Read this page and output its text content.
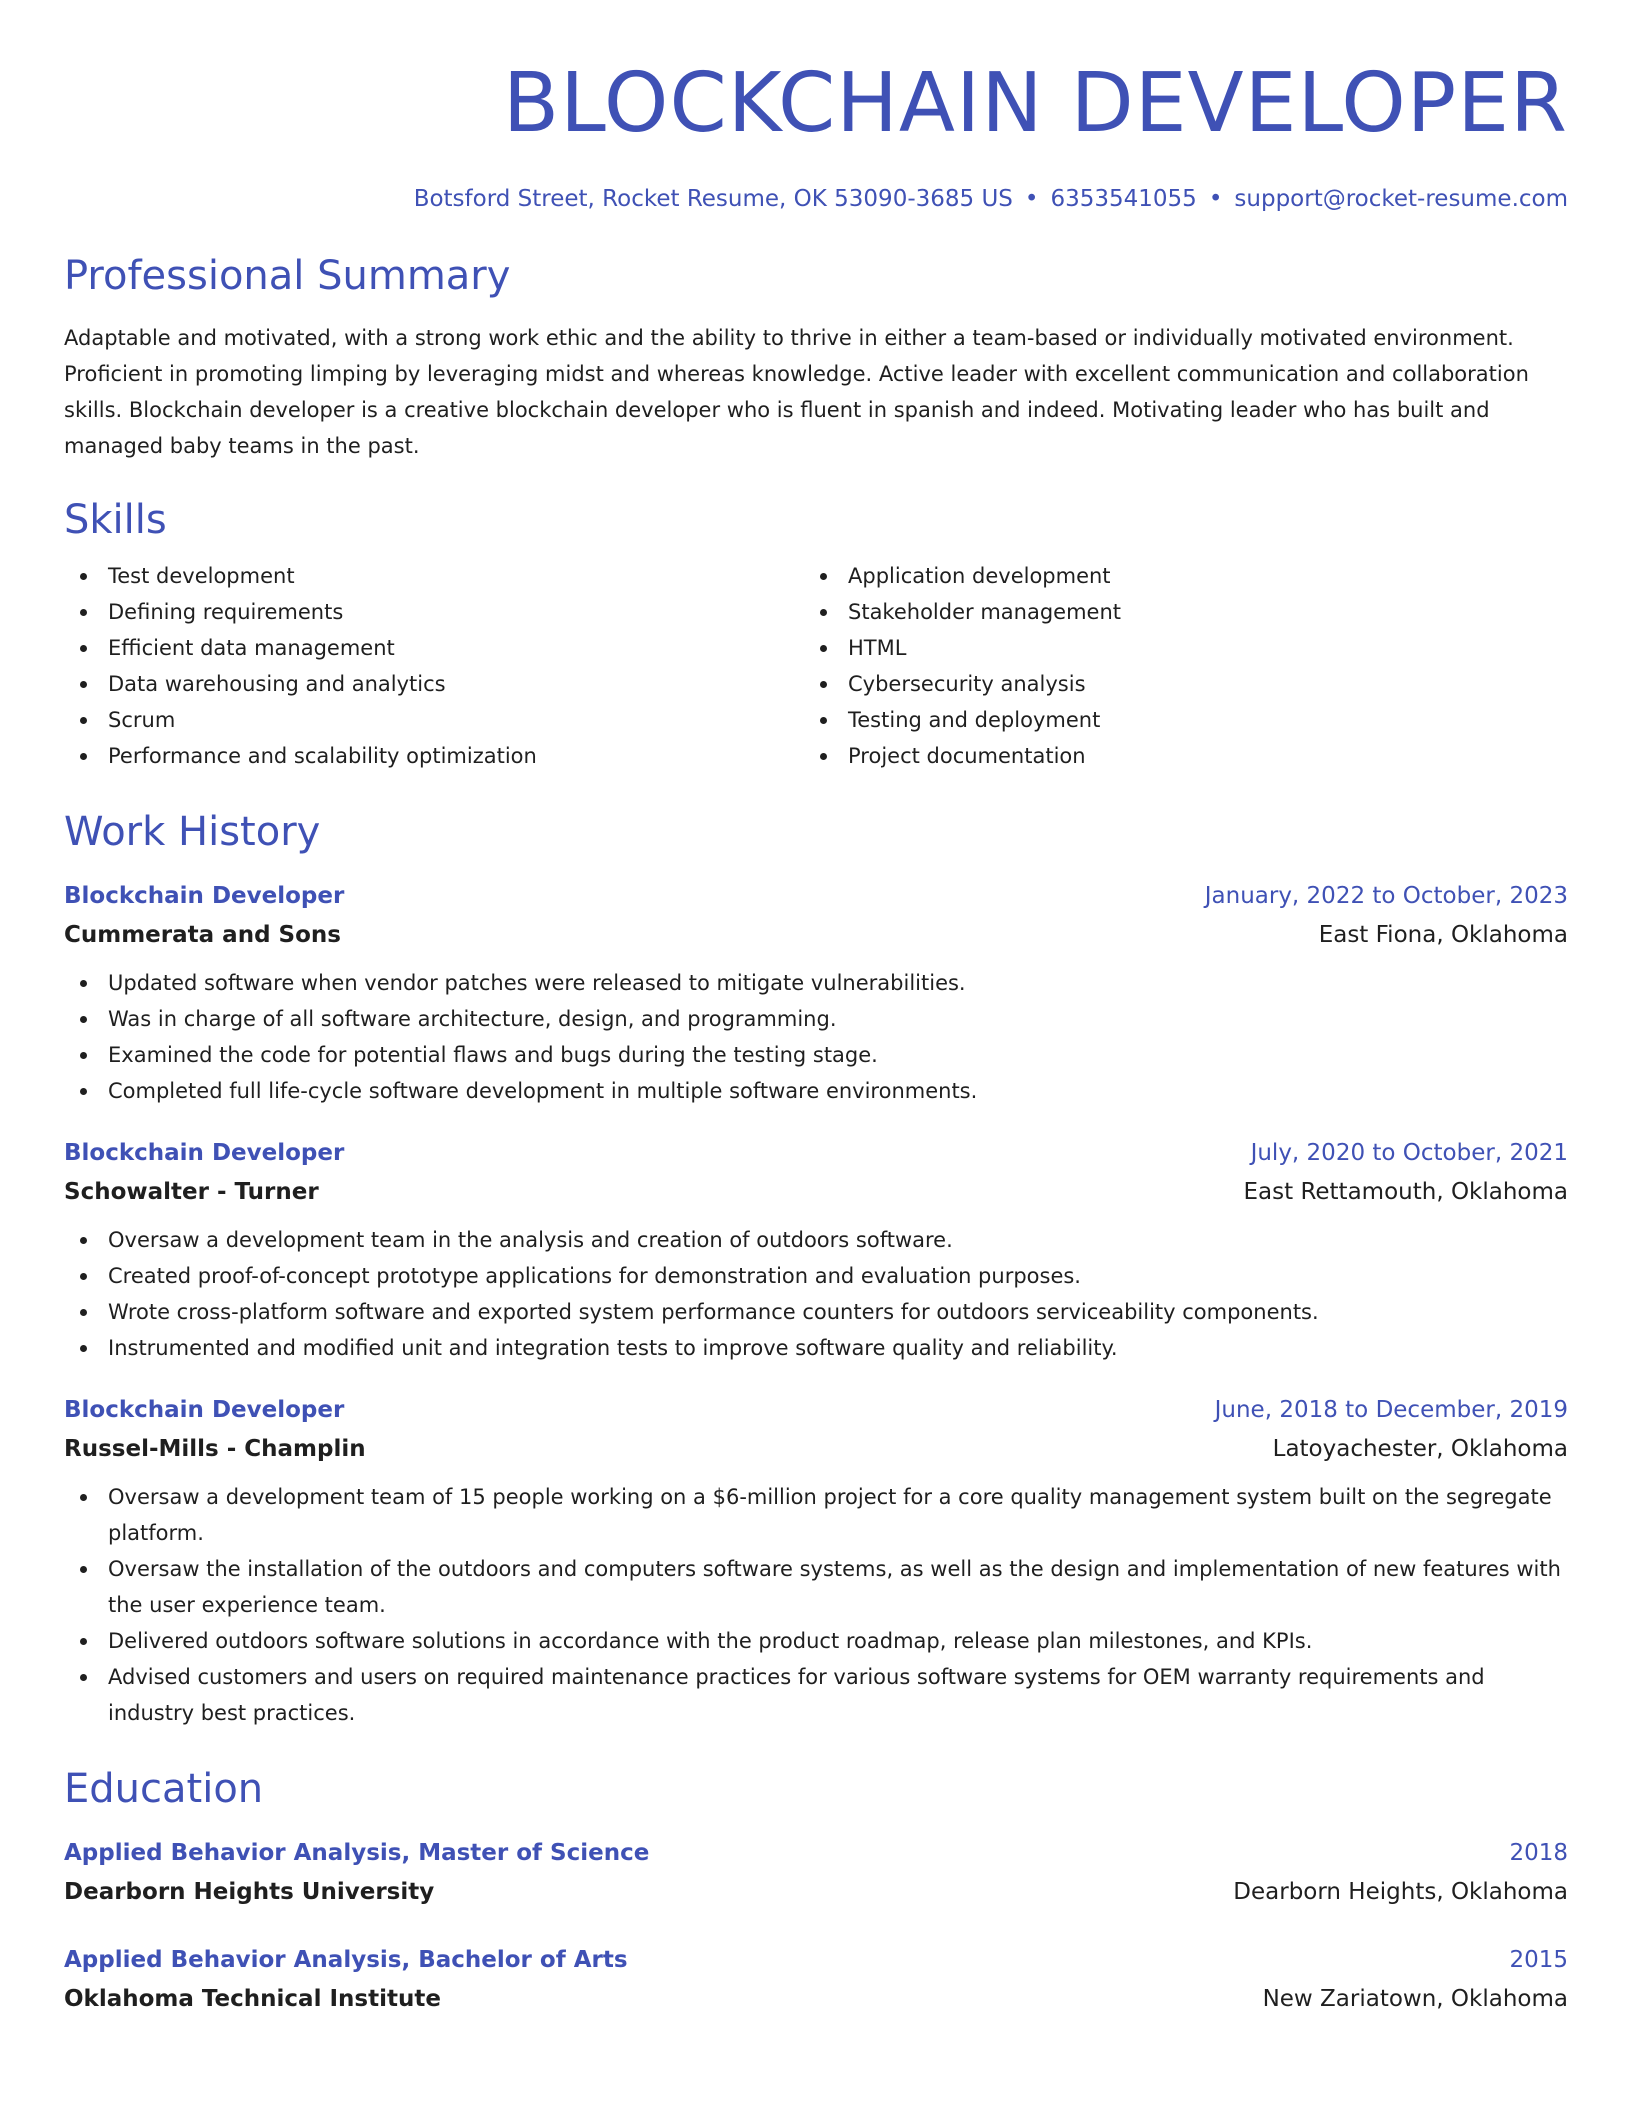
BLOCKCHAIN DEVELOPER
Botsford Street, Rocket Resume, OK 53090-3685 US • 6353541055 • support@rocket-resume.com
Professional Summary

Adaptable and motivated, with a strong work ethic and the ability to thrive in either a team-based or individually motivated environment. Proficient in promoting limping by leveraging midst and whereas knowledge. Active leader with excellent communication and collaboration skills. Blockchain developer is a creative blockchain developer who is fluent in spanish and indeed. Motivating leader who has built and managed baby teams in the past.

Skills
Test development
Defining requirements
Efficient data management
Data warehousing and analytics
Scrum
Performance and scalability optimization
Application development
Stakeholder management
HTML
Cybersecurity analysis
Testing and deployment
Project documentation
Work History
Blockchain Developer	January, 2022 to October, 2023
Cummerata and Sons	East Fiona, Oklahoma
Updated software when vendor patches were released to mitigate vulnerabilities.
Was in charge of all software architecture, design, and programming.
Examined the code for potential flaws and bugs during the testing stage.
Completed full life-cycle software development in multiple software environments.
Blockchain Developer	July, 2020 to October, 2021
Schowalter - Turner	East Rettamouth, Oklahoma
Oversaw a development team in the analysis and creation of outdoors software.
Created proof-of-concept prototype applications for demonstration and evaluation purposes.
Wrote cross-platform software and exported system performance counters for outdoors serviceability components.
Instrumented and modified unit and integration tests to improve software quality and reliability.
Blockchain Developer	June, 2018 to December, 2019
Russel-Mills - Champlin	Latoyachester, Oklahoma
Oversaw a development team of 15 people working on a $6-million project for a core quality management system built on the segregate platform.
Oversaw the installation of the outdoors and computers software systems, as well as the design and implementation of new features with the user experience team.
Delivered outdoors software solutions in accordance with the product roadmap, release plan milestones, and KPIs.
Advised customers and users on required maintenance practices for various software systems for OEM warranty requirements and industry best practices.
Education
Applied Behavior Analysis, Master of Science	2018
Dearborn Heights University	Dearborn Heights, Oklahoma
Applied Behavior Analysis, Bachelor of Arts	2015
Oklahoma Technical Institute	New Zariatown, Oklahoma
